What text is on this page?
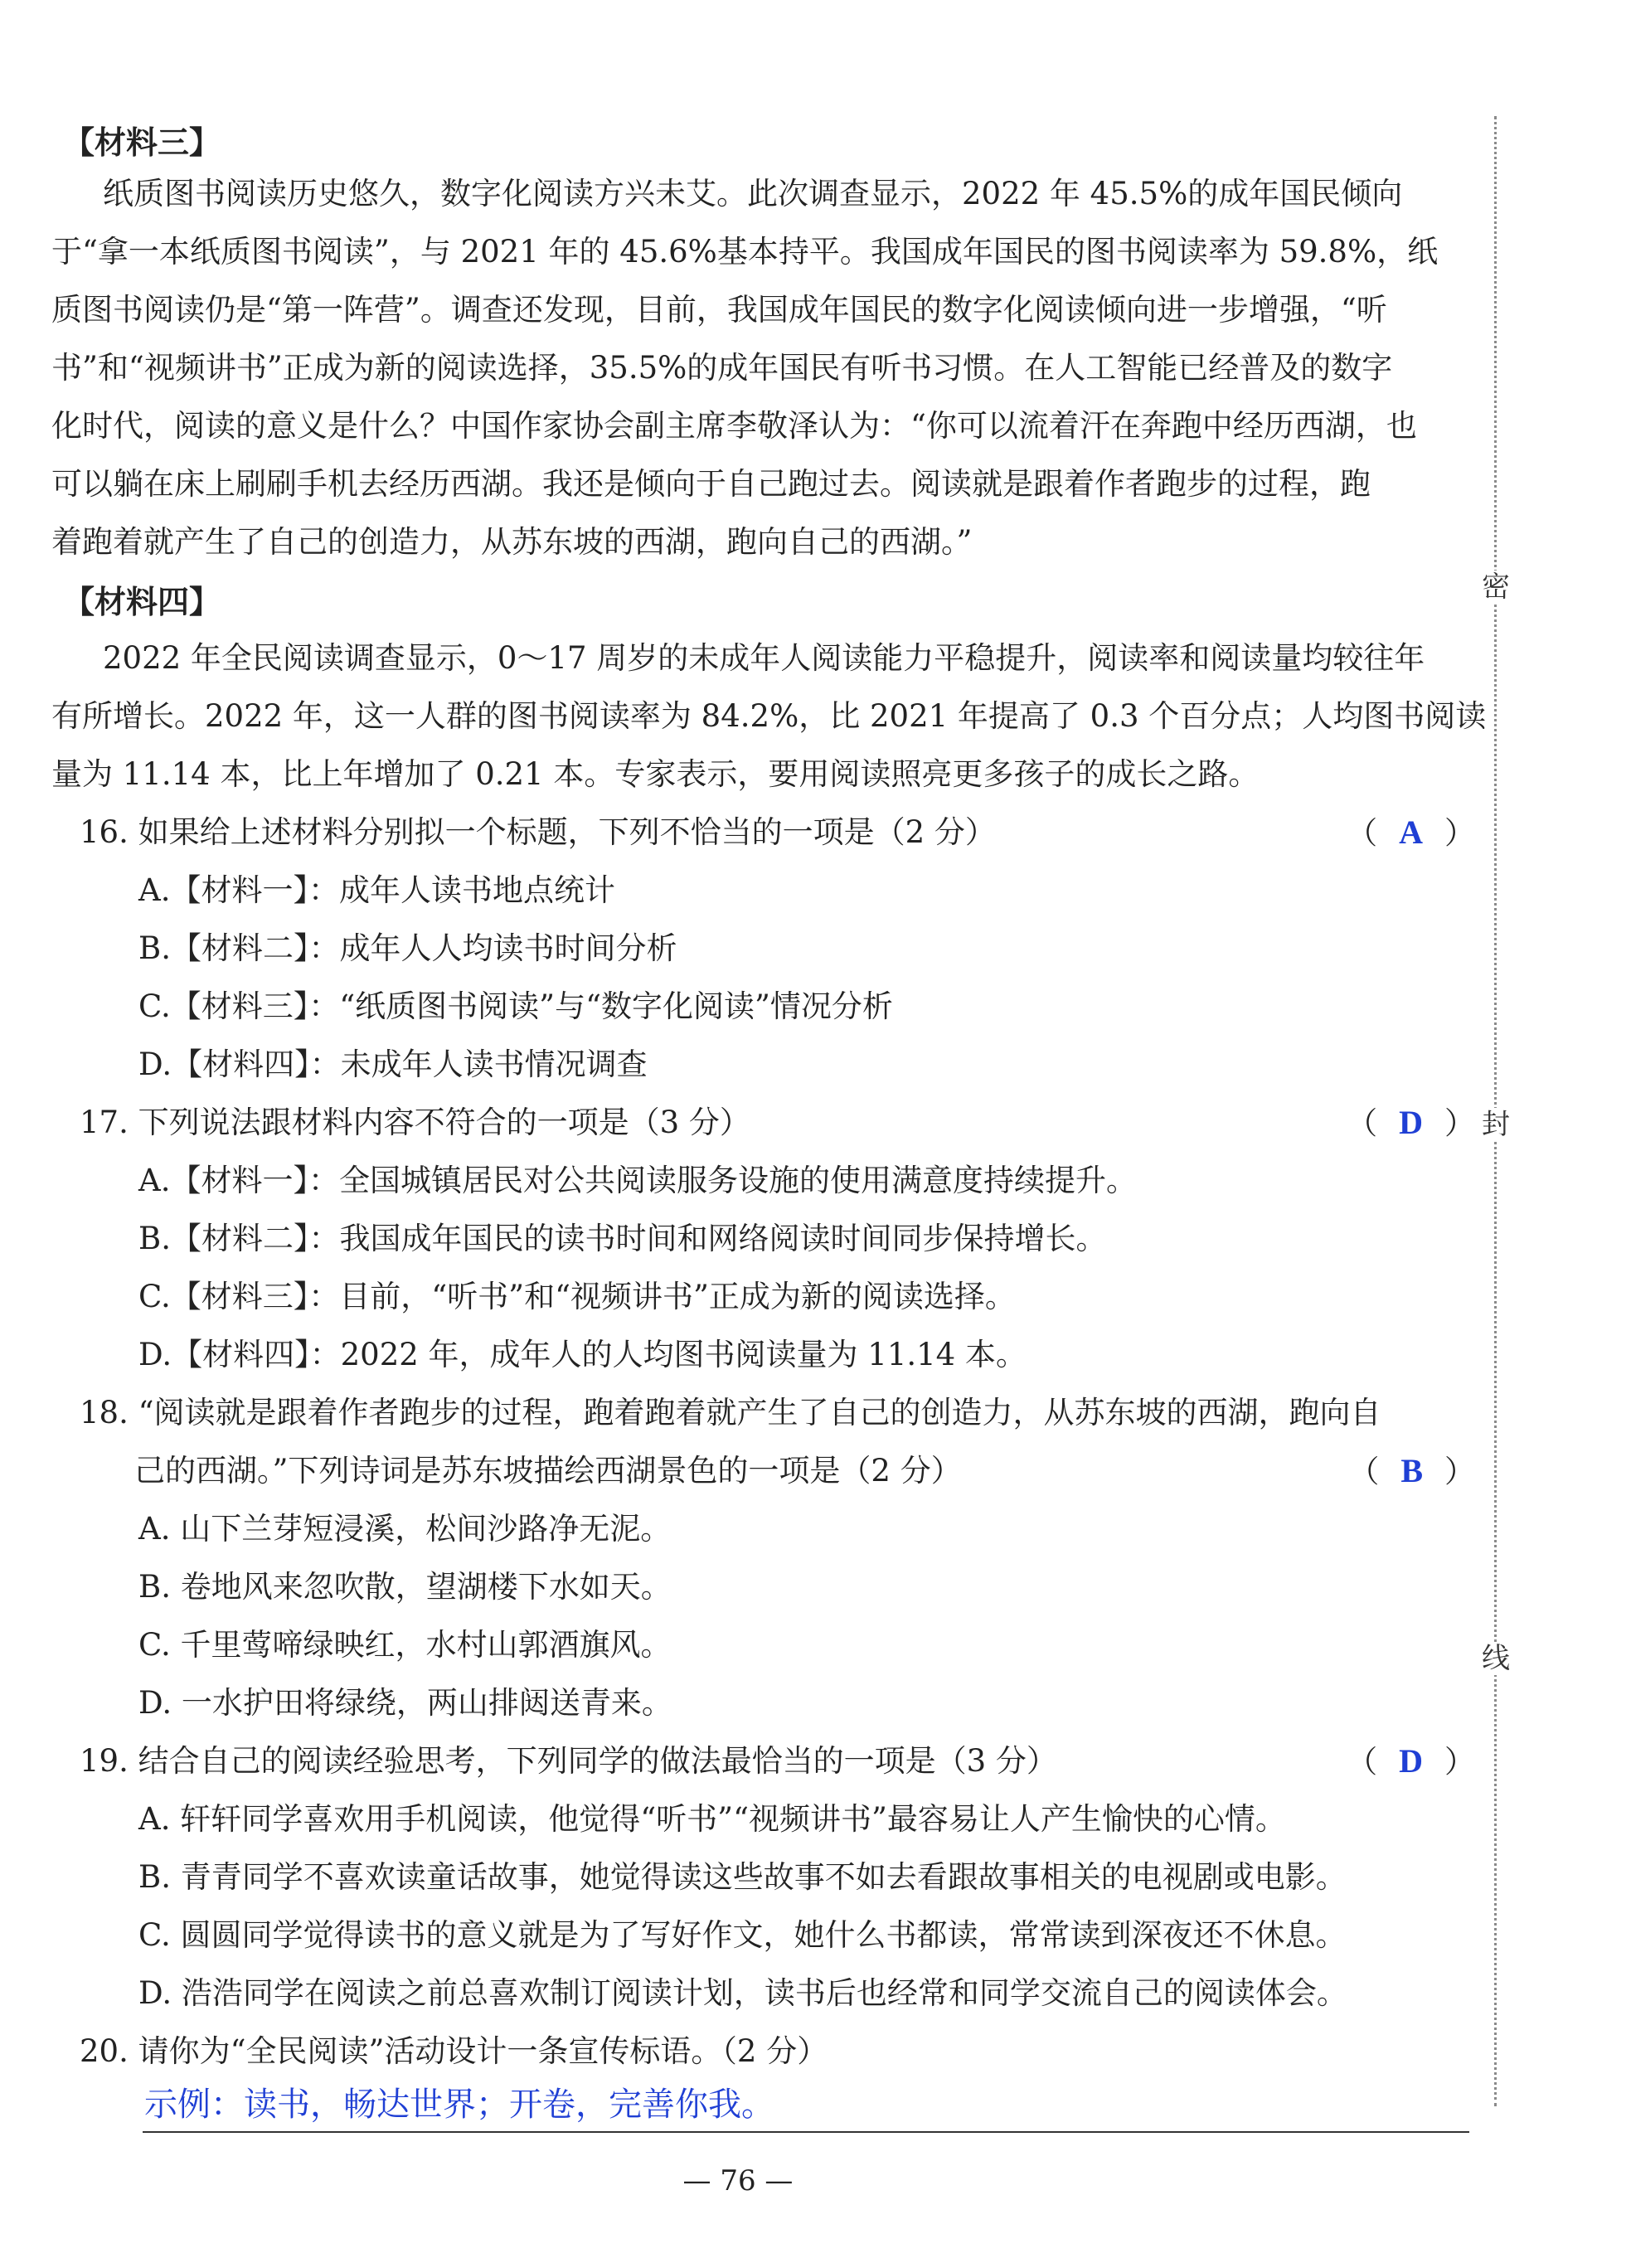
【材料三】
纸质图书阅读历史悠久，数字化阅读方兴未艾。此次调查显示，2022 年 45.5%的成年国民倾向
于“拿一本纸质图书阅读”，与 2021 年的 45.6%基本持平。我国成年国民的图书阅读率为 59.8%，纸
质图书阅读仍是“第一阵营”。调查还发现，目前，我国成年国民的数字化阅读倾向进一步增强，“听
书”和“视频讲书”正成为新的阅读选择，35.5%的成年国民有听书习惯。在人工智能已经普及的数字
化时代，阅读的意义是什么？中国作家协会副主席李敬泽认为：“你可以流着汗在奔跑中经历西湖，也
可以躺在床上刷刷手机去经历西湖。我还是倾向于自己跑过去。阅读就是跟着作者跑步的过程，跑
着跑着就产生了自己的创造力，从苏东坡的西湖，跑向自己的西湖。”
【材料四】
2022 年全民阅读调查显示，0～17 周岁的未成年人阅读能力平稳提升，阅读率和阅读量均较往年
有所增长。2022 年，这一人群的图书阅读率为 84.2%，比 2021 年提高了 0.3 个百分点；人均图书阅读
量为 11.14 本，比上年增加了 0.21 本。专家表示，要用阅读照亮更多孩子的成长之路。
16. 如果给上述材料分别拟一个标题，下列不恰当的一项是（2 分）	（ A ）
A.【材料一】：成年人读书地点统计
B.【材料二】：成年人人均读书时间分析
C.【材料三】：“纸质图书阅读”与“数字化阅读”情况分析
D.【材料四】：未成年人读书情况调查
17. 下列说法跟材料内容不符合的一项是（3 分）	（ D ）
A.【材料一】：全国城镇居民对公共阅读服务设施的使用满意度持续提升。
B.【材料二】：我国成年国民的读书时间和网络阅读时间同步保持增长。
C.【材料三】：目前，“听书”和“视频讲书”正成为新的阅读选择。
D.【材料四】：2022 年，成年人的人均图书阅读量为 11.14 本。
18. “阅读就是跟着作者跑步的过程，跑着跑着就产生了自己的创造力，从苏东坡的西湖，跑向自
己的西湖。”下列诗词是苏东坡描绘西湖景色的一项是（2 分）	（ B ）
A. 山下兰芽短浸溪，松间沙路净无泥。
B. 卷地风来忽吹散，望湖楼下水如天。
C. 千里莺啼绿映红，水村山郭酒旗风。
D. 一水护田将绿绕，两山排闼送青来。
19. 结合自己的阅读经验思考，下列同学的做法最恰当的一项是（3 分）	（ D ）
A. 轩轩同学喜欢用手机阅读，他觉得“听书”“视频讲书”最容易让人产生愉快的心情。
B. 青青同学不喜欢读童话故事，她觉得读这些故事不如去看跟故事相关的电视剧或电影。
C. 圆圆同学觉得读书的意义就是为了写好作文，她什么书都读，常常读到深夜还不休息。
D. 浩浩同学在阅读之前总喜欢制订阅读计划，读书后也经常和同学交流自己的阅读体会。
20. 请你为“全民阅读”活动设计一条宣传标语。（2 分）
示例：读书，畅达世界；开卷，完善你我。
— 76 —
密
封
线
